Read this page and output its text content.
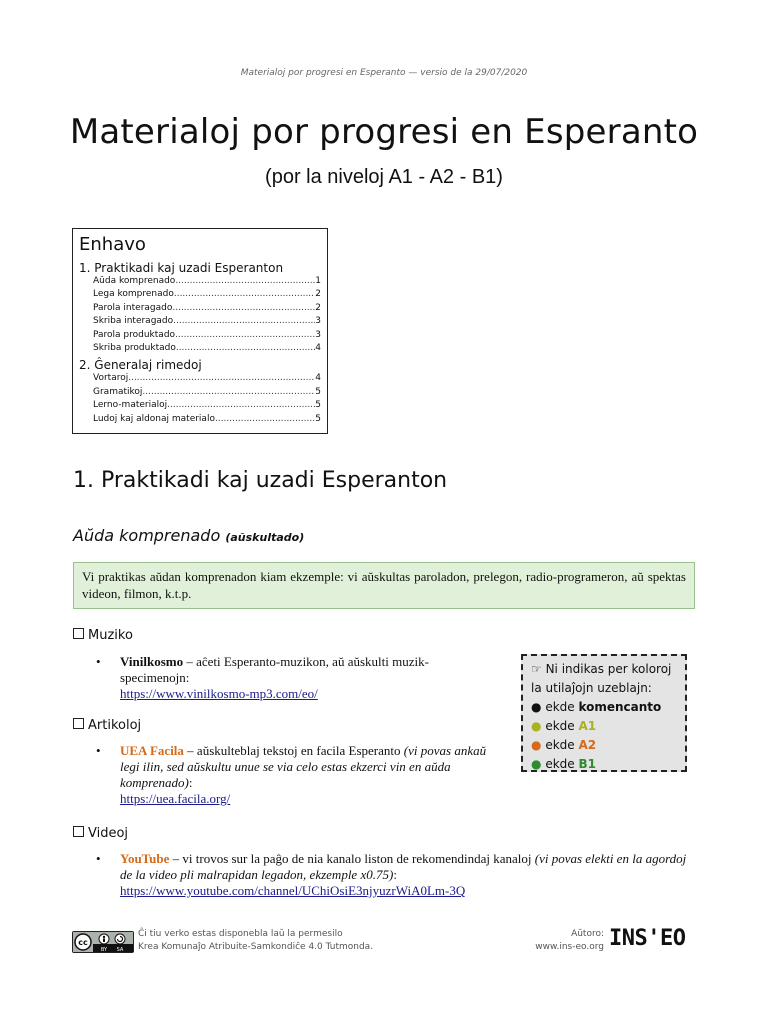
Materialoj por progresi en Esperanto — versio de la 29/07/2020
Materialoj por progresi en Esperanto
(por la niveloj A1 - A2 - B1)
Enhavo
1. Praktikadi kaj uzadi Esperanton
Aŭda komprenado .....	1
Lega komprenado .....	2
Parola interagado .....	2
Skriba interagado .....	3
Parola produktado .....	3
Skriba produktado .....	4
2. Ĝeneralaj rimedoj
Vortaroj .....	4
Gramatikoj .....	5
Lerno-materialoj .....	5
Ludoj kaj aldonaj materialo .....	5
1. Praktikadi kaj uzadi Esperanton
Aŭda komprenado (aŭskultado)
Vi praktikas aŭdan komprenadon kiam ekzemple: vi aŭskultas paroladon, prelegon, radio-programeron, aŭ spektas videon, filmon, k.t.p.
Muziko
• Vinilkosmo – aĉeti Esperanto-muzikon, aŭ aŭskulti muzik-specimenojn:
https://www.vinilkosmo-mp3.com/eo/
Artikoloj
• UEA Facila – aŭskulteblaj tekstoj en facila Esperanto (vi povas ankaŭ legi ilin, sed aŭskultu unue se via celo estas ekzerci vin en aŭda komprenado):
https://uea.facila.org/
Videoj
• YouTube – vi trovos sur la paĝo de nia kanalo liston de rekomendindaj kanaloj (vi povas elekti en la agordoj de la video pli malrapidan legadon, ekzemple x0.75):
https://www.youtube.com/channel/UChiOsiE3njyuzrWiA0Lm-3Q
☞ Ni indikas per koloroj la utilaĵojn uzeblajn:
● ekde komencanto
● ekde A1
● ekde A2
● ekde B1
cc
BY SA
Ĉi tiu verko estas disponebla laŭ la permesilo
Krea Komunaĵo Atribuite-Samkondiĉe 4.0 Tutmonda.
Aŭtoro:
www.ins-eo.org INS'EO
